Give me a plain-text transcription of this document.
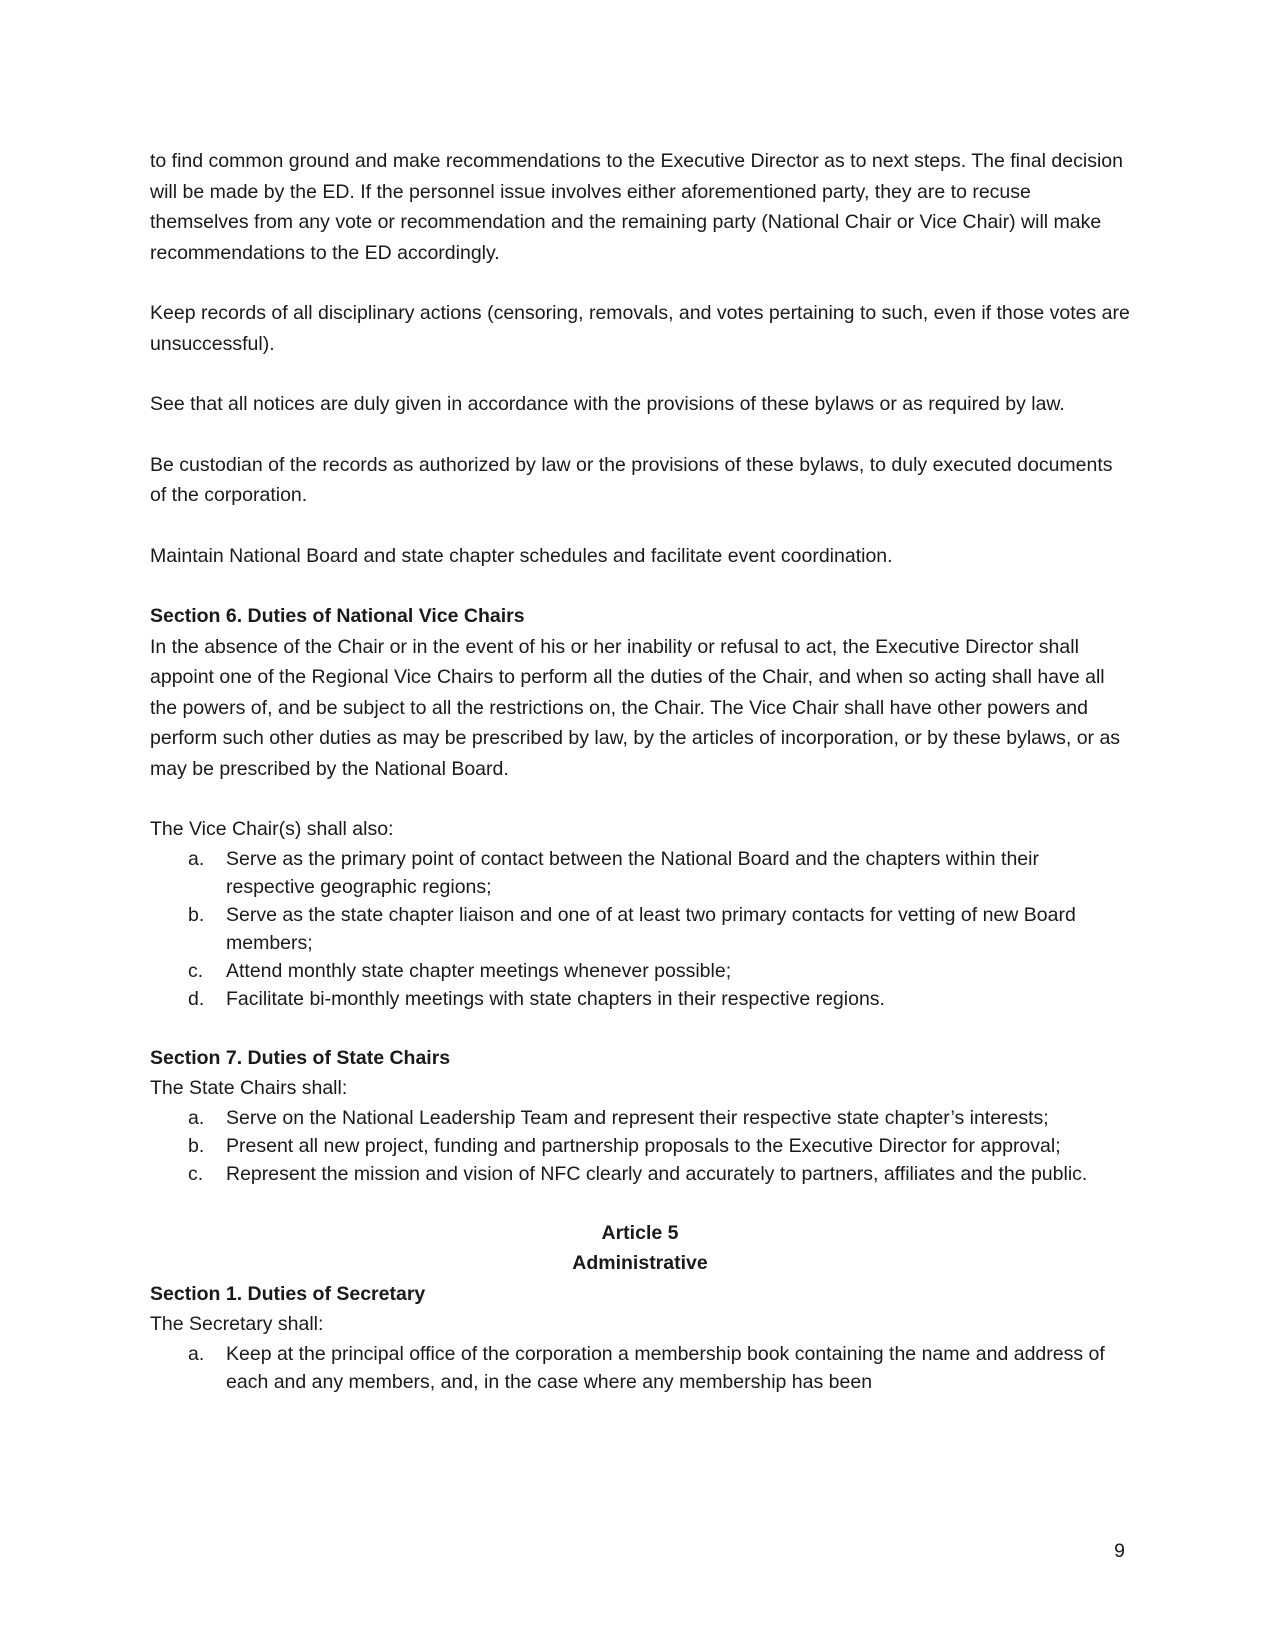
to find common ground and make recommendations to the Executive Director as to next steps. The final decision will be made by the ED. If the personnel issue involves either aforementioned party, they are to recuse themselves from any vote or recommendation and the remaining party (National Chair or Vice Chair) will make recommendations to the ED accordingly.

Keep records of all disciplinary actions (censoring, removals, and votes pertaining to such, even if those votes are unsuccessful).

See that all notices are duly given in accordance with the provisions of these bylaws or as required by law.

Be custodian of the records as authorized by law or the provisions of these bylaws, to duly executed documents of the corporation.

Maintain National Board and state chapter schedules and facilitate event coordination.

Section 6. Duties of National Vice Chairs

In the absence of the Chair or in the event of his or her inability or refusal to act, the Executive Director shall appoint one of the Regional Vice Chairs to perform all the duties of the Chair, and when so acting shall have all the powers of, and be subject to all the restrictions on, the Chair. The Vice Chair shall have other powers and perform such other duties as may be prescribed by law, by the articles of incorporation, or by these bylaws, or as may be prescribed by the National Board.

The Vice Chair(s) shall also:

a. Serve as the primary point of contact between the National Board and the chapters within their respective geographic regions;
b. Serve as the state chapter liaison and one of at least two primary contacts for vetting of new Board members;
c. Attend monthly state chapter meetings whenever possible;
d. Facilitate bi-monthly meetings with state chapters in their respective regions.

Section 7. Duties of State Chairs

The State Chairs shall:

a. Serve on the National Leadership Team and represent their respective state chapter’s interests;
b. Present all new project, funding and partnership proposals to the Executive Director for approval;
c. Represent the mission and vision of NFC clearly and accurately to partners, affiliates and the public.

Article 5

Administrative

Section 1. Duties of Secretary

The Secretary shall:

a. Keep at the principal office of the corporation a membership book containing the name and address of each and any members, and, in the case where any membership has been
9
